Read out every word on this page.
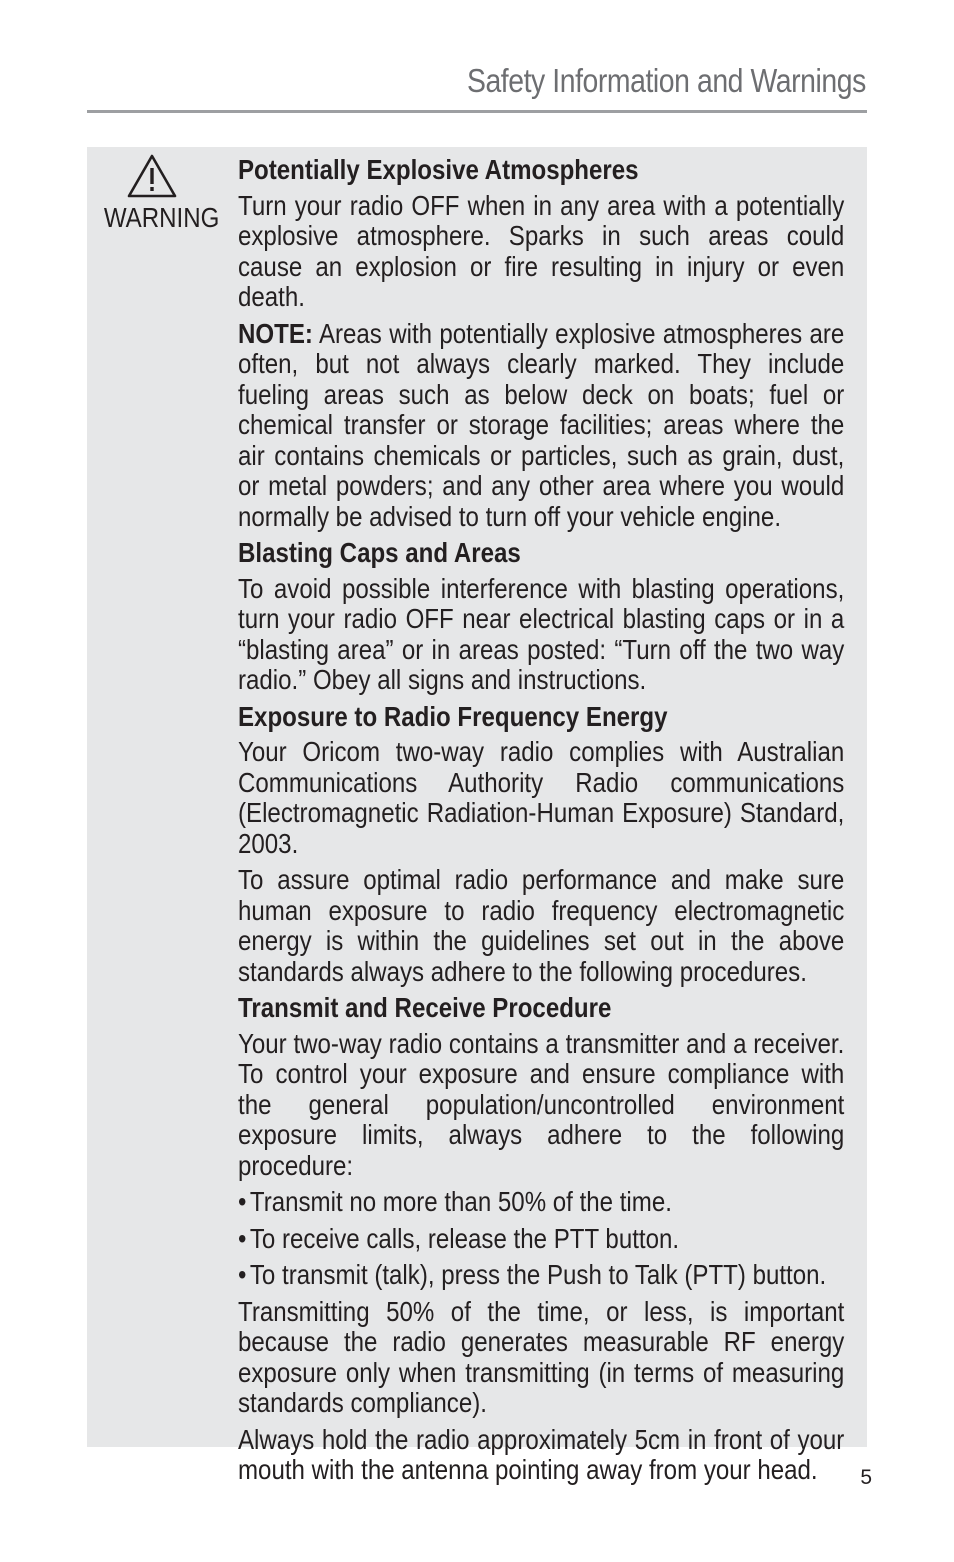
Safety Information and Warnings
WARNING
Potentially Explosive Atmospheres
Turn your radio OFF when in any area with a potentially explosive atmosphere. Sparks in such areas could cause an explosion or fire resulting in injury or even death.
NOTE: Areas with potentially explosive atmospheres are often, but not always clearly marked. They include fueling areas such as below deck on boats; fuel or chemical transfer or storage facilities; areas where the air contains chemicals or particles, such as grain, dust, or metal powders; and any other area where you would normally be advised to turn off your vehicle engine.
Blasting Caps and Areas
To avoid possible interference with blasting operations, turn your radio OFF near electrical blasting caps or in a “blasting area” or in areas posted: “Turn off the two way radio.” Obey all signs and instructions.
Exposure to Radio Frequency Energy
Your Oricom two-way radio complies with Australian Communications Authority Radio communications (Electromagnetic Radiation-Human Exposure) Standard, 2003.
To assure optimal radio performance and make sure human exposure to radio frequency electromagnetic energy is within the guidelines set out in the above standards always adhere to the following procedures.
Transmit and Receive Procedure
Your two-way radio contains a transmitter and a receiver. To control your exposure and ensure compliance with the general population/uncontrolled environment exposure limits, always adhere to the following procedure:
• Transmit no more than 50% of the time.
• To receive calls, release the PTT button.
• To transmit (talk), press the Push to Talk (PTT) button.
Transmitting 50% of the time, or less, is important because the radio generates measurable RF energy exposure only when transmitting (in terms of measuring standards compliance).
Always hold the radio approximately 5cm in front of your mouth with the antenna pointing away from your head.	5
